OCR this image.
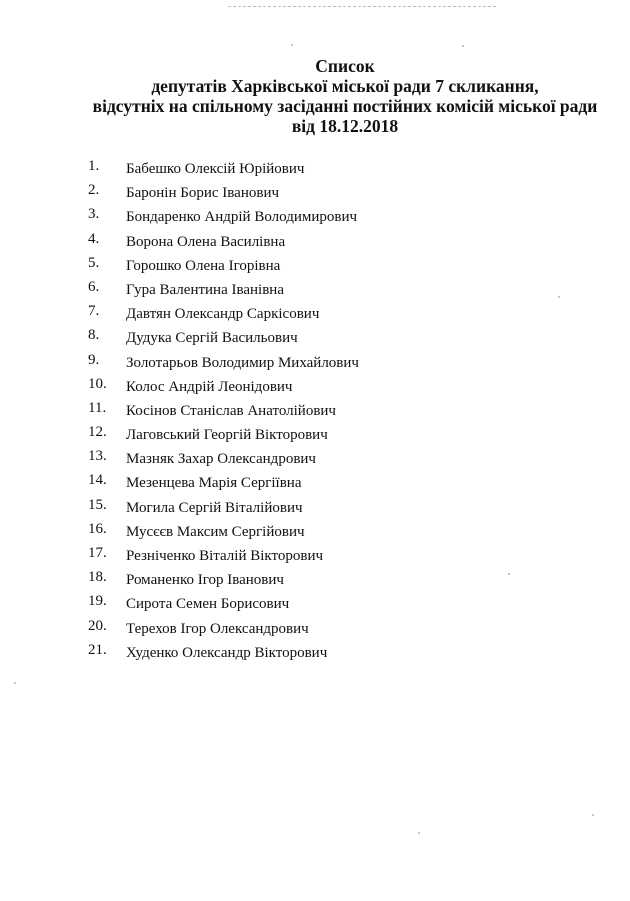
Список
депутатів Харківської міської ради 7 скликання,
відсутніх на спільному засіданні постійних комісій міської ради
від 18.12.2018
1.	Бабешко Олексій Юрійович
2.	Баронін Борис Іванович
3.	Бондаренко Андрій Володимирович
4.	Ворона Олена Василівна
5.	Горошко Олена Ігорівна
6.	Гура Валентина Іванівна
7.	Давтян Олександр Саркісович
8.	Дудука Сергій Васильович
9.	Золотарьов Володимир Михайлович
10.	Колос Андрій Леонідович
11.	Косінов Станіслав Анатолійович
12.	Лаговський Георгій Вікторович
13.	Мазняк Захар Олександрович
14.	Мезенцева Марія Сергіївна
15.	Могила Сергій Віталійович
16.	Мусєєв Максим Сергійович
17.	Резніченко Віталій Вікторович
18.	Романенко Ігор Іванович
19.	Сирота Семен Борисович
20.	Терехов Ігор Олександрович
21.	Худенко Олександр Вікторович
